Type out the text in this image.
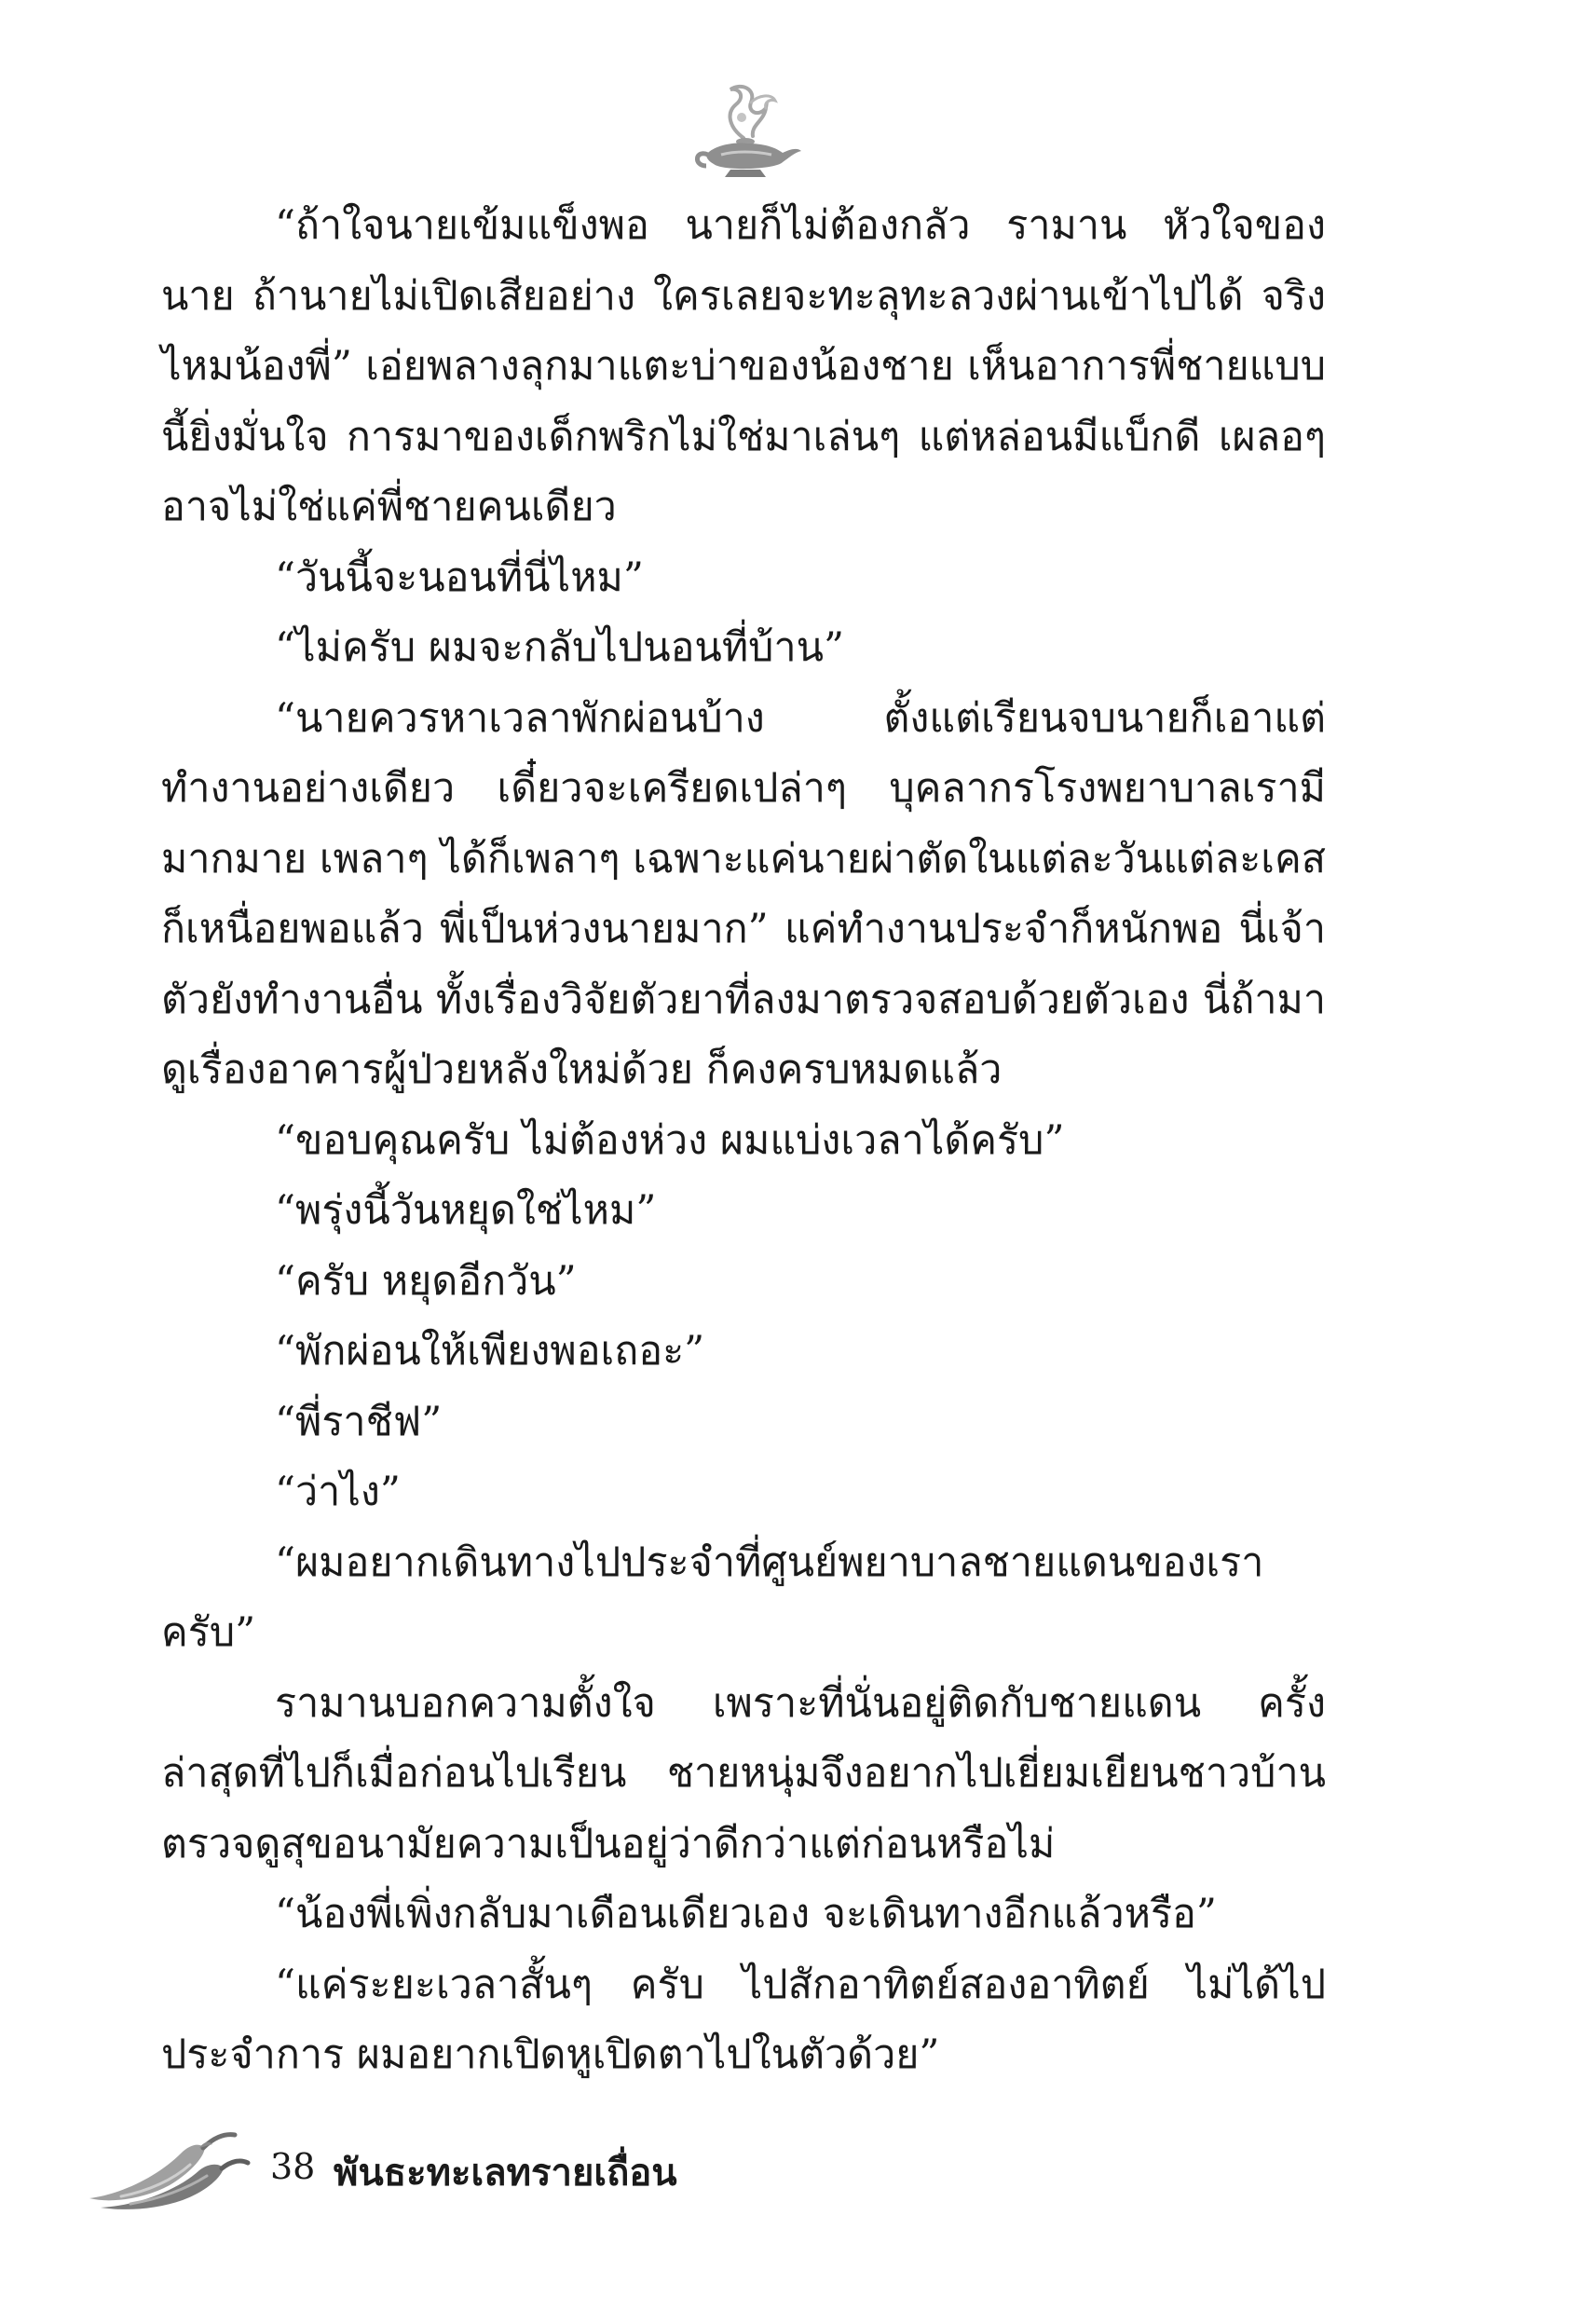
“ถ้าใจนายเข้มแข็งพอ นายก็ไม่ต้องกลัว รามาน หัวใจของนาย ถ้านายไม่เปิดเสียอย่าง ใครเลยจะทะลุทะลวงผ่านเข้าไปได้ จริงไหมน้องพี่” เอ่ยพลางลุกมาแตะบ่าของน้องชาย เห็นอาการพี่ชายแบบนี้ยิ่งมั่นใจ การมาของเด็กพริกไม่ใช่มาเล่นๆ แต่หล่อนมีแบ็กดี เผลอๆ อาจไม่ใช่แค่พี่ชายคนเดียว

“วันนี้จะนอนที่นี่ไหม”

“ไม่ครับ ผมจะกลับไปนอนที่บ้าน”

“นายควรหาเวลาพักผ่อนบ้าง ตั้งแต่เรียนจบนายก็เอาแต่ทำงานอย่างเดียว เดี๋ยวจะเครียดเปล่าๆ บุคลากรโรงพยาบาลเรามีมากมาย เพลาๆ ได้ก็เพลาๆ เฉพาะแค่นายผ่าตัดในแต่ละวันแต่ละเคสก็เหนื่อยพอแล้ว พี่เป็นห่วงนายมาก” แค่ทำงานประจำก็หนักพอ นี่เจ้าตัวยังทำงานอื่น ทั้งเรื่องวิจัยตัวยาที่ลงมาตรวจสอบด้วยตัวเอง นี่ถ้ามาดูเรื่องอาคารผู้ป่วยหลังใหม่ด้วย ก็คงครบหมดแล้ว

“ขอบคุณครับ ไม่ต้องห่วง ผมแบ่งเวลาได้ครับ”

“พรุ่งนี้วันหยุดใช่ไหม”

“ครับ หยุดอีกวัน”

“พักผ่อนให้เพียงพอเถอะ”

“พี่ราชีฟ”

“ว่าไง”

“ผมอยากเดินทางไปประจำที่ศูนย์พยาบาลชายแดนของเราครับ”

รามานบอกความตั้งใจ เพราะที่นั่นอยู่ติดกับชายแดน ครั้งล่าสุดที่ไปก็เมื่อก่อนไปเรียน ชายหนุ่มจึงอยากไปเยี่ยมเยียนชาวบ้าน ตรวจดูสุขอนามัยความเป็นอยู่ว่าดีกว่าแต่ก่อนหรือไม่

“น้องพี่เพิ่งกลับมาเดือนเดียวเอง จะเดินทางอีกแล้วหรือ”

“แค่ระยะเวลาสั้นๆ ครับ ไปสักอาทิตย์สองอาทิตย์ ไม่ได้ไปประจำการ ผมอยากเปิดหูเปิดตาไปในตัวด้วย”

38 พันธะทะเลทรายเถื่อน
